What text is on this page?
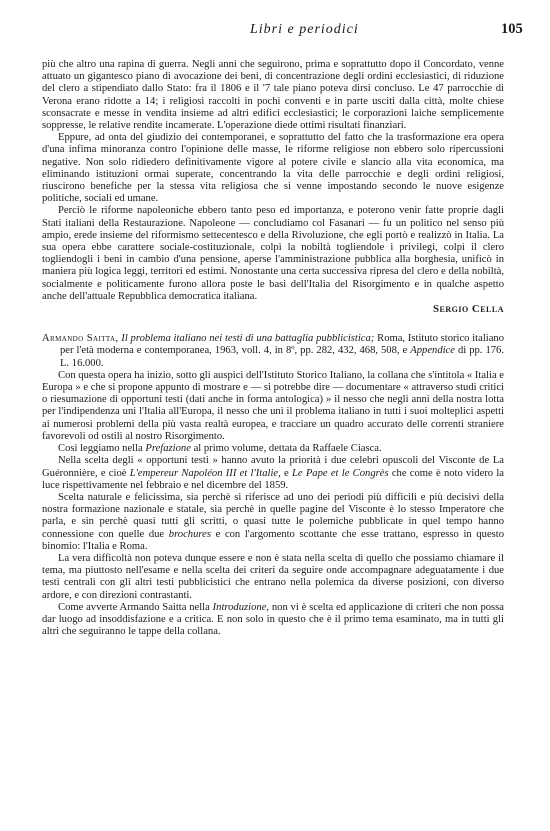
Libri e periodici	105

più che altro una rapina di guerra. Negli anni che seguirono, prima e soprattutto dopo il Concordato, venne attuato un gigantesco piano di avocazione dei beni, di concentrazione degli ordini ecclesiastici, di riduzione del clero a stipendiato dallo Stato: fra il 1806 e il '7 tale piano poteva dirsi concluso. Le 47 parrocchie di Verona erano ridotte a 14; i religiosi raccolti in pochi conventi e in parte usciti dalla città, molte chiese sconsacrate e messe in vendita insieme ad altri edifici ecclesiastici; le corporazioni laiche semplicemente soppresse, le relative rendite incamerate. L'operazione diede ottimi risultati finanziari.

Eppure, ad onta del giudizio dei contemporanei, e soprattutto del fatto che la trasformazione era opera d'una infima minoranza contro l'opinione delle masse, le riforme religiose non ebbero solo ripercussioni negative. Non solo ridiedero definitivamente vigore al potere civile e slancio alla vita economica, ma eliminando istituzioni ormai superate, concentrando la vita delle parrocchie e degli ordini religiosi, riuscirono benefiche per la stessa vita religiosa che si venne impostando secondo le nuove esigenze politiche, sociali ed umane.

Perciò le riforme napoleoniche ebbero tanto peso ed importanza, e poterono venir fatte proprie dagli Stati italiani della Restaurazione. Napoleone — concludiamo col Fasanari — fu un politico nel senso più ampio, erede insieme del riformismo settecentesco e della Rivoluzione, che egli portò e realizzò in Italia. La sua opera ebbe carattere sociale-costituzionale, colpì la nobiltà togliendole i privilegi, colpì il clero togliendogli i beni in cambio d'una pensione, aperse l'amministrazione pubblica alla borghesia, unificò in maniera più logica leggi, territori ed estimi. Nonostante una certa successiva ripresa del clero e della nobiltà, socialmente e politicamente furono allora poste le basi dell'Italia del Risorgimento e in qualche aspetto anche dell'attuale Repubblica democratica italiana.

Sergio Cella

Armando Saitta, Il problema italiano nei testi di una battaglia pubblicistica; Roma, Istituto storico italiano per l'età moderna e contemporanea, 1963, voll. 4, in 8º, pp. 282, 432, 468, 508, e Appendice di pp. 176. L. 16.000.

Con questa opera ha inizio, sotto gli auspici dell'Istituto Storico Italiano, la collana che s'intitola « Italia e Europa » e che si propone appunto di mostrare e — si potrebbe dire — documentare « attraverso studi critici o riesumazione di opportuni testi (dati anche in forma antologica) » il nesso che negli anni della nostra lotta per l'indipendenza uni l'Italia all'Europa, il nesso che unì il problema italiano in tutti i suoi molteplici aspetti ai numerosi problemi della più vasta realtà europea, e tracciare un quadro accurato delle correnti straniere favorevoli od ostili al nostro Risorgimento.

Così leggiamo nella Prefazione al primo volume, dettata da Raffaele Ciasca.

Nella scelta degli « opportuni testi » hanno avuto la priorità i due celebri opuscoli del Visconte de La Guéronnière, e cioè L'empereur Napoléon III et l'Italie, e Le Pape et le Congrès che come è noto videro la luce rispettivamente nel febbraio e nel dicembre del 1859.

Scelta naturale e felicissima, sia perchè si riferisce ad uno dei periodi più difficili e più decisivi della nostra formazione nazionale e statale, sia perchè in quelle pagine del Visconte è lo stesso Imperatore che parla, e sin perchè quasi tutti gli scritti, o quasi tutte le polemiche pubblicate in quel tempo hanno connessione con quelle due brochures e con l'argomento scottante che esse trattano, espresso in questo binomio: l'Italia e Roma.

La vera difficoltà non poteva dunque essere e non è stata nella scelta di quello che possiamo chiamare il tema, ma piuttosto nell'esame e nella scelta dei criteri da seguire onde accompagnare adeguatamente i due testi centrali con gli altri testi pubblicistici che entrano nella polemica da diverse posizioni, con diverso ardore, e con direzioni contrastanti.

Come avverte Armando Saitta nella Introduzione, non vi è scelta ed applicazione di criteri che non possa dar luogo ad insoddisfazione e a critica. E non solo in questo che è il primo tema esaminato, ma in tutti gli altri che seguiranno le tappe della collana.
